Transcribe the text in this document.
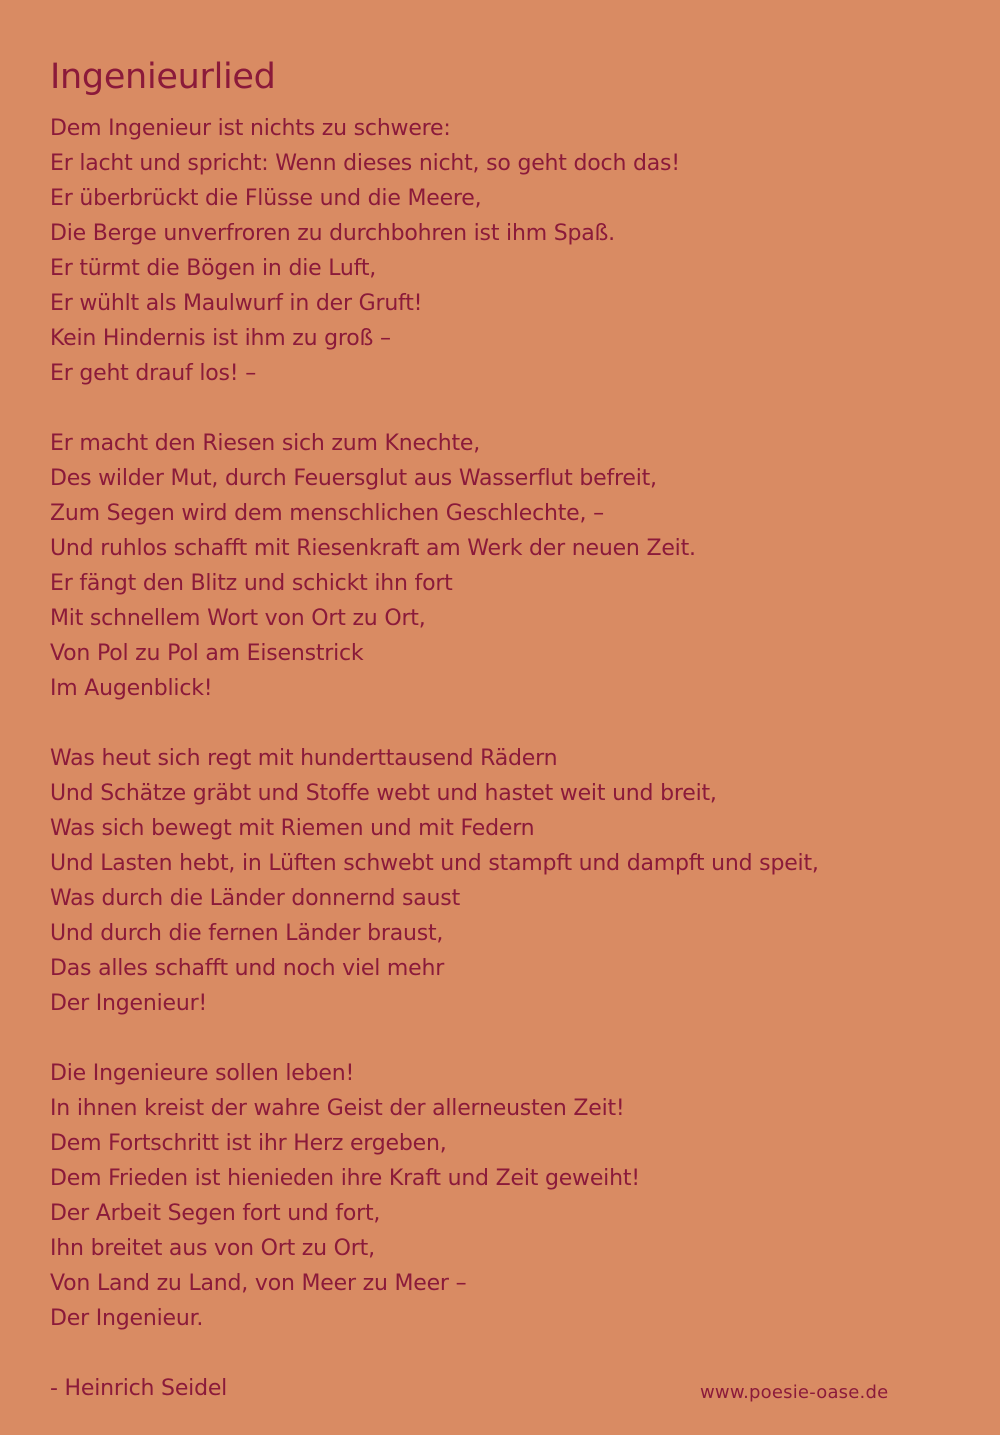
Ingenieurlied
Dem Ingenieur ist nichts zu schwere:
Er lacht und spricht: Wenn dieses nicht, so geht doch das!
Er überbrückt die Flüsse und die Meere,
Die Berge unverfroren zu durchbohren ist ihm Spaß.
Er türmt die Bögen in die Luft,
Er wühlt als Maulwurf in der Gruft!
Kein Hindernis ist ihm zu groß –
Er geht drauf los! –
Er macht den Riesen sich zum Knechte,
Des wilder Mut, durch Feuersglut aus Wasserflut befreit,
Zum Segen wird dem menschlichen Geschlechte, –
Und ruhlos schafft mit Riesenkraft am Werk der neuen Zeit.
Er fängt den Blitz und schickt ihn fort
Mit schnellem Wort von Ort zu Ort,
Von Pol zu Pol am Eisenstrick
Im Augenblick!
Was heut sich regt mit hunderttausend Rädern
Und Schätze gräbt und Stoffe webt und hastet weit und breit,
Was sich bewegt mit Riemen und mit Federn
Und Lasten hebt, in Lüften schwebt und stampft und dampft und speit,
Was durch die Länder donnernd saust
Und durch die fernen Länder braust,
Das alles schafft und noch viel mehr
Der Ingenieur!
Die Ingenieure sollen leben!
In ihnen kreist der wahre Geist der allerneusten Zeit!
Dem Fortschritt ist ihr Herz ergeben,
Dem Frieden ist hienieden ihre Kraft und Zeit geweiht!
Der Arbeit Segen fort und fort,
Ihn breitet aus von Ort zu Ort,
Von Land zu Land, von Meer zu Meer –
Der Ingenieur.
- Heinrich Seidel	www.poesie-oase.de
